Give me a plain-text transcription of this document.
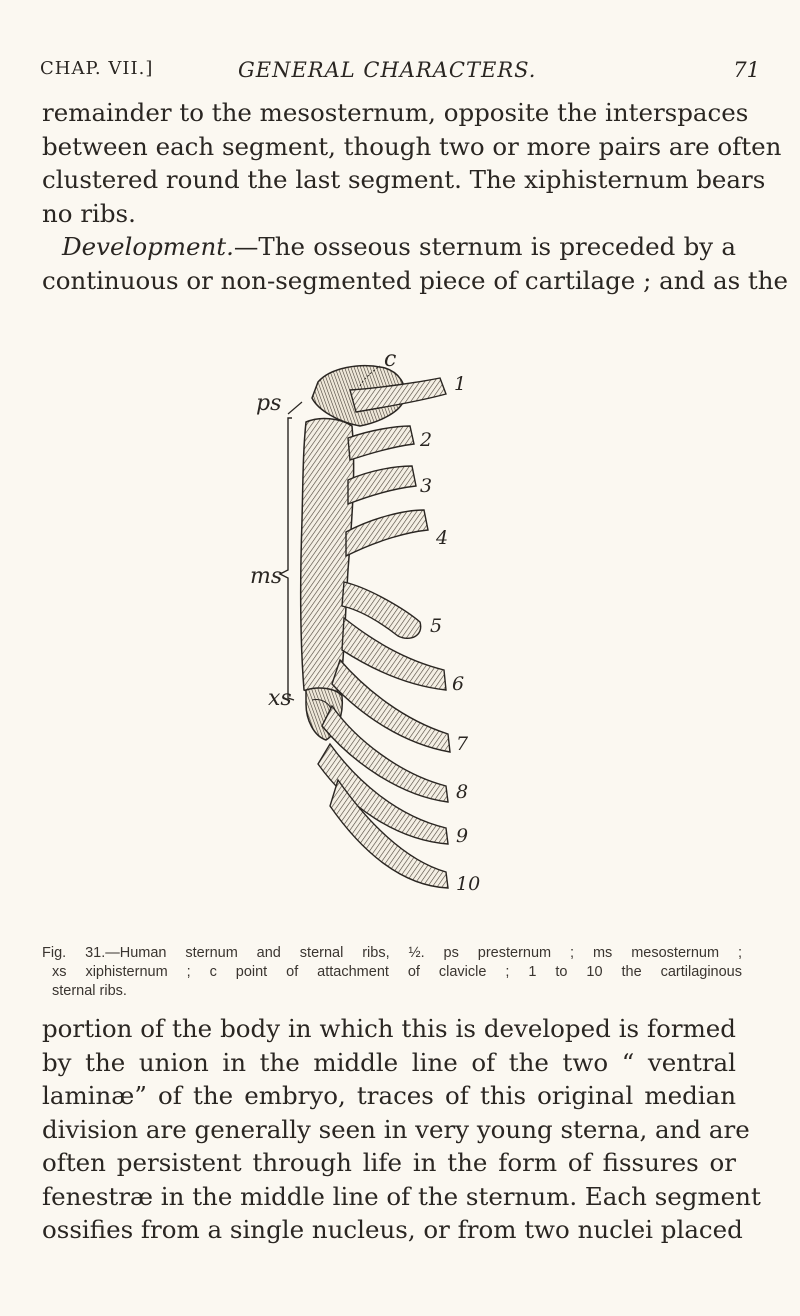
CHAP. VII.]	GENERAL CHARACTERS.	71
remainder to the mesosternum, opposite the interspaces
between each segment, though two or more pairs are often
clustered round the last segment. The xiphisternum bears
no ribs.
Development.—The osseous sternum is preceded by a
continuous or non-segmented piece of cartilage ; and as the
c
ps
ms
xs
1
2
3
4
5
6
7
8
9
10
Fig. 31.—Human sternum and sternal ribs, ½. ps presternum ; ms mesosternum ;
xs xiphisternum ; c point of attachment of clavicle ; 1 to 10 the cartilaginous
sternal ribs.
portion of the body in which this is developed is formed
by the union in the middle line of the two “ ventral
laminæ” of the embryo, traces of this original median
division are generally seen in very young sterna, and are
often persistent through life in the form of fissures or
fenestræ in the middle line of the sternum. Each segment
ossifies from a single nucleus, or from two nuclei placed
